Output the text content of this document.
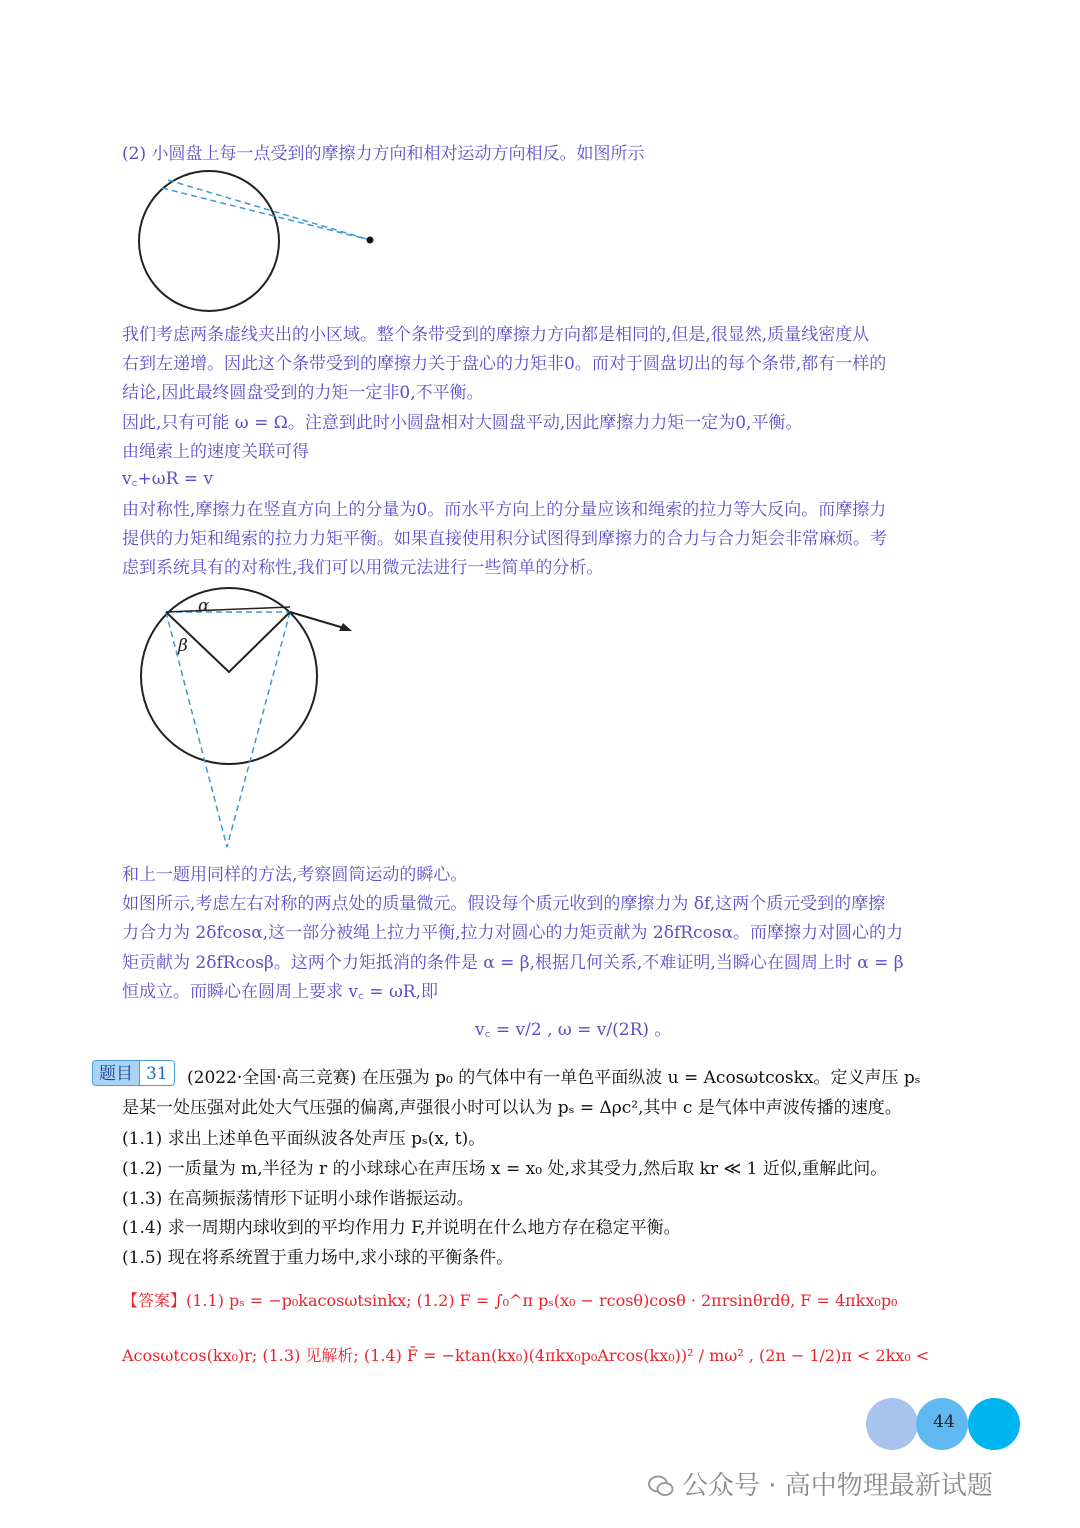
(2) 小圆盘上每一点受到的摩擦力方向和相对运动方向相反。如图所示
我们考虑两条虚线夹出的小区域。整个条带受到的摩擦力方向都是相同的,但是,很显然,质量线密度从
右到左递增。因此这个条带受到的摩擦力关于盘心的力矩非0。而对于圆盘切出的每个条带,都有一样的
结论,因此最终圆盘受到的力矩一定非0,不平衡。
因此,只有可能 ω = Ω。注意到此时小圆盘相对大圆盘平动,因此摩擦力力矩一定为0,平衡。
由绳索上的速度关联可得
v꜀+ωR = v
由对称性,摩擦力在竖直方向上的分量为0。而水平方向上的分量应该和绳索的拉力等大反向。而摩擦力
提供的力矩和绳索的拉力力矩平衡。如果直接使用积分试图得到摩擦力的合力与合力矩会非常麻烦。考
虑到系统具有的对称性,我们可以用微元法进行一些简单的分析。
α
β
和上一题用同样的方法,考察圆筒运动的瞬心。
如图所示,考虑左右对称的两点处的质量微元。假设每个质元收到的摩擦力为 δf,这两个质元受到的摩擦
力合力为 2δfcosα,这一部分被绳上拉力平衡,拉力对圆心的力矩贡献为 2δfRcosα。而摩擦力对圆心的力
矩贡献为 2δfRcosβ。这两个力矩抵消的条件是 α = β,根据几何关系,不难证明,当瞬心在圆周上时 α = β
恒成立。而瞬心在圆周上要求 v꜀ = ωR,即
v꜀ = v/2 , ω = v/(2R) 。
题目 31	(2022·全国·高三竞赛) 在压强为 p₀ 的气体中有一单色平面纵波 u = Acosωtcoskx。定义声压 pₛ
是某一处压强对此处大气压强的偏离,声强很小时可以认为 pₛ = Δρc²,其中 c 是气体中声波传播的速度。
(1.1) 求出上述单色平面纵波各处声压 pₛ(x, t)。
(1.2) 一质量为 m,半径为 r 的小球球心在声压场 x = x₀ 处,求其受力,然后取 kr ≪ 1 近似,重解此问。
(1.3) 在高频振荡情形下证明小球作谐振运动。
(1.4) 求一周期内球收到的平均作用力 F,并说明在什么地方存在稳定平衡。
(1.5) 现在将系统置于重力场中,求小球的平衡条件。
【答案】(1.1) pₛ = −p₀kacosωtsinkx; (1.2) F = ∫₀^π pₛ(x₀ − rcosθ)cosθ · 2πrsinθrdθ, F = 4πkx₀p₀
Acosωtcos(kx₀)r; (1.3) 见解析; (1.4) F̄ = −ktan(kx₀)(4πkx₀p₀Arcos(kx₀))² / mω² , (2n − 1/2)π < 2kx₀ <
44
公众号 · 高中物理最新试题
